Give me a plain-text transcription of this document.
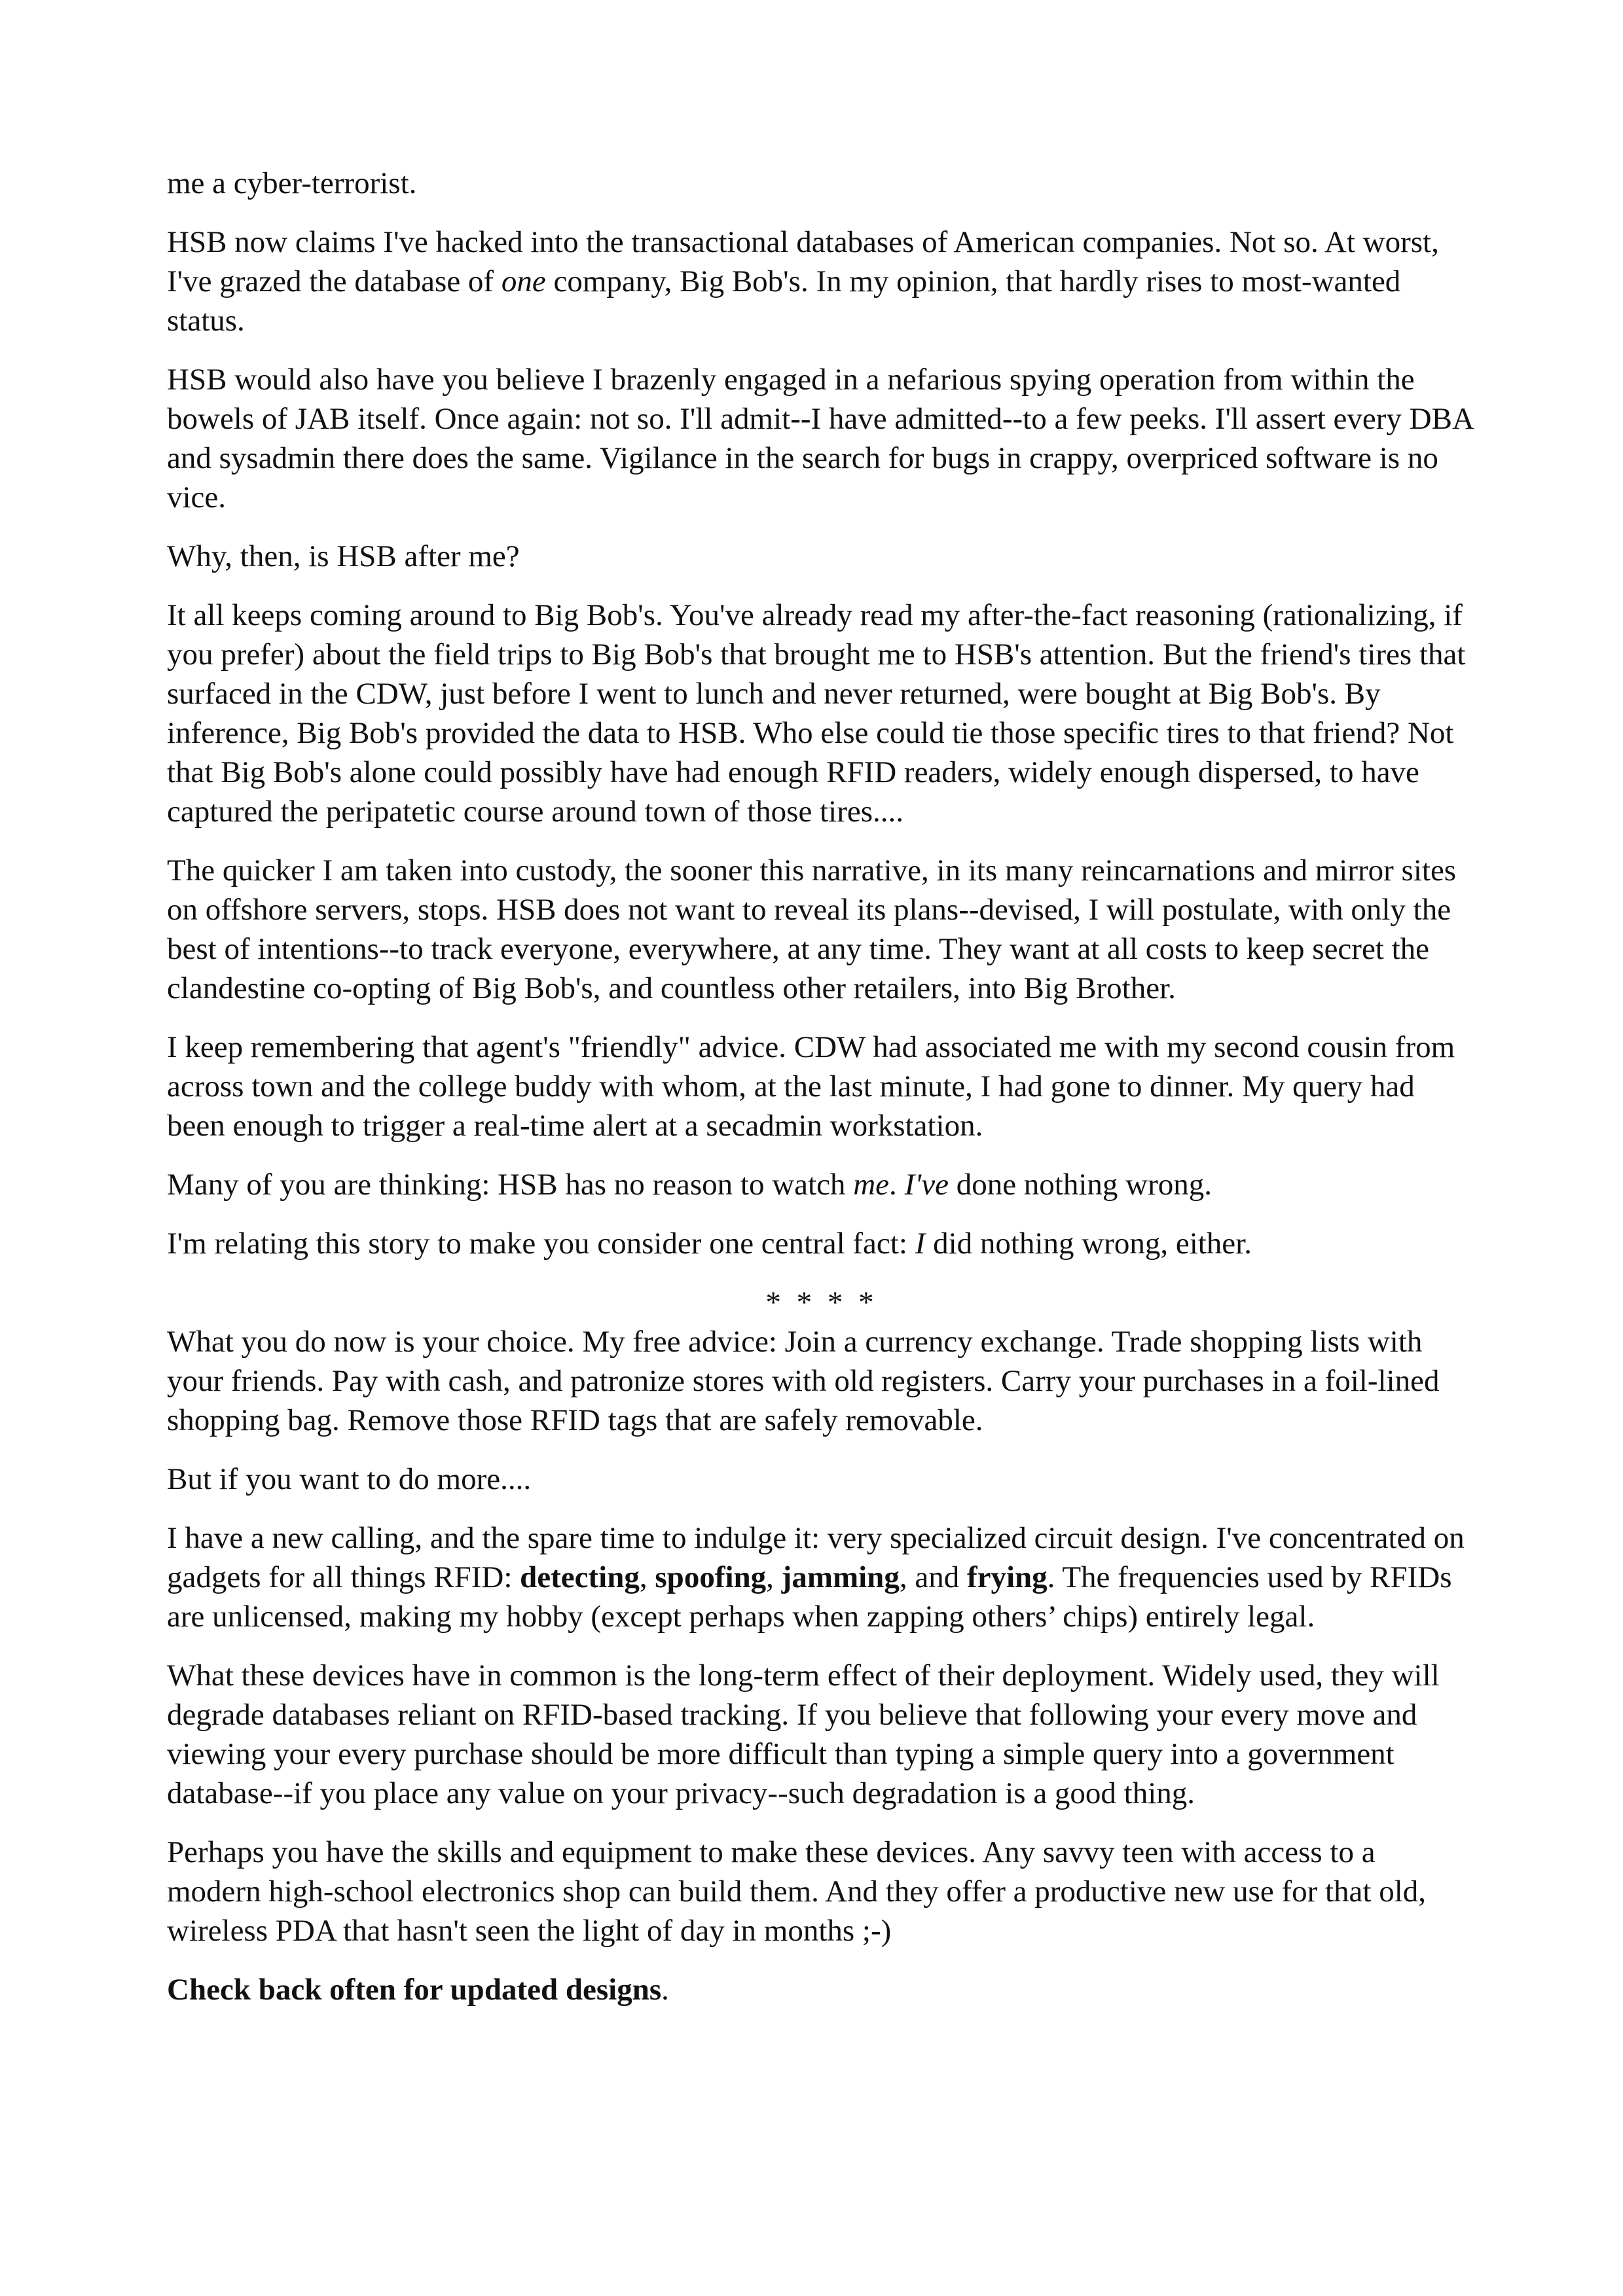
me a cyber-terrorist.

HSB now claims I've hacked into the transactional databases of American companies. Not so. At worst, I've grazed the database of one company, Big Bob's. In my opinion, that hardly rises to most-wanted status.

HSB would also have you believe I brazenly engaged in a nefarious spying operation from within the bowels of JAB itself. Once again: not so. I'll admit--I have admitted--to a few peeks. I'll assert every DBA and sysadmin there does the same. Vigilance in the search for bugs in crappy, overpriced software is no vice.

Why, then, is HSB after me?

It all keeps coming around to Big Bob's. You've already read my after-the-fact reasoning (rationalizing, if you prefer) about the field trips to Big Bob's that brought me to HSB's attention. But the friend's tires that surfaced in the CDW, just before I went to lunch and never returned, were bought at Big Bob's. By inference, Big Bob's provided the data to HSB. Who else could tie those specific tires to that friend? Not that Big Bob's alone could possibly have had enough RFID readers, widely enough dispersed, to have captured the peripatetic course around town of those tires....

The quicker I am taken into custody, the sooner this narrative, in its many reincarnations and mirror sites on offshore servers, stops. HSB does not want to reveal its plans--devised, I will postulate, with only the best of intentions--to track everyone, everywhere, at any time. They want at all costs to keep secret the clandestine co-opting of Big Bob's, and countless other retailers, into Big Brother.

I keep remembering that agent's "friendly" advice. CDW had associated me with my second cousin from across town and the college buddy with whom, at the last minute, I had gone to dinner. My query had been enough to trigger a real-time alert at a secadmin workstation.

Many of you are thinking: HSB has no reason to watch me. I've done nothing wrong.

I'm relating this story to make you consider one central fact: I did nothing wrong, either.

* * * *

What you do now is your choice. My free advice: Join a currency exchange. Trade shopping lists with your friends. Pay with cash, and patronize stores with old registers. Carry your purchases in a foil-lined shopping bag. Remove those RFID tags that are safely removable.

But if you want to do more....

I have a new calling, and the spare time to indulge it: very specialized circuit design. I've concentrated on gadgets for all things RFID: detecting, spoofing, jamming, and frying. The frequencies used by RFIDs are unlicensed, making my hobby (except perhaps when zapping others’ chips) entirely legal.

What these devices have in common is the long-term effect of their deployment. Widely used, they will degrade databases reliant on RFID-based tracking. If you believe that following your every move and viewing your every purchase should be more difficult than typing a simple query into a government database--if you place any value on your privacy--such degradation is a good thing.

Perhaps you have the skills and equipment to make these devices. Any savvy teen with access to a modern high-school electronics shop can build them. And they offer a productive new use for that old, wireless PDA that hasn't seen the light of day in months ;-)

Check back often for updated designs.
